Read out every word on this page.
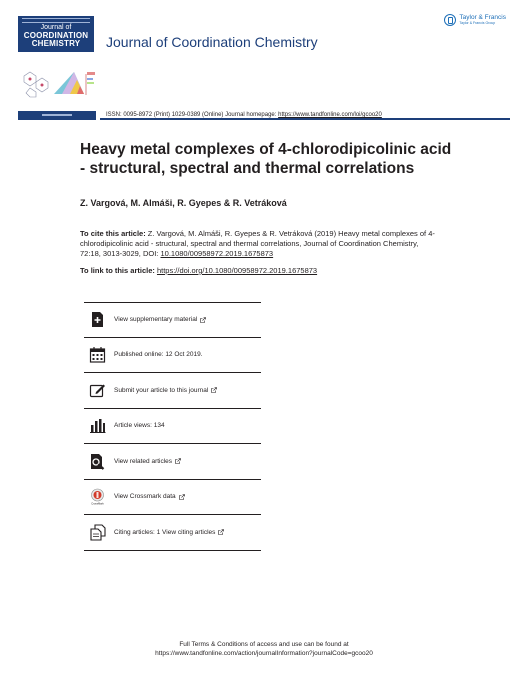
Journal of
COORDINATION
CHEMISTRY	Journal of Coordination Chemistry
Taylor & Francis
Taylor & Francis Group
ISSN: 0095-8972 (Print) 1029-0389 (Online) Journal homepage: https://www.tandfonline.com/loi/gcoo20
Heavy metal complexes of 4-chlorodipicolinic acid - structural, spectral and thermal correlations
Z. Vargová, M. Almáši, R. Gyepes & R. Vetráková
To cite this article: Z. Vargová, M. Almáši, R. Gyepes & R. Vetráková (2019) Heavy metal complexes of 4-chlorodipicolinic acid - structural, spectral and thermal correlations, Journal of Coordination Chemistry, 72:18, 3013-3029, DOI: 10.1080/00958972.2019.1675873
To link to this article: https://doi.org/10.1080/00958972.2019.1675873
View supplementary material
Published online: 12 Oct 2019.
Submit your article to this journal
Article views: 134
View related articles
CrossMark
View Crossmark data
Citing articles: 1 View citing articles
Full Terms & Conditions of access and use can be found at
https://www.tandfonline.com/action/journalInformation?journalCode=gcoo20
